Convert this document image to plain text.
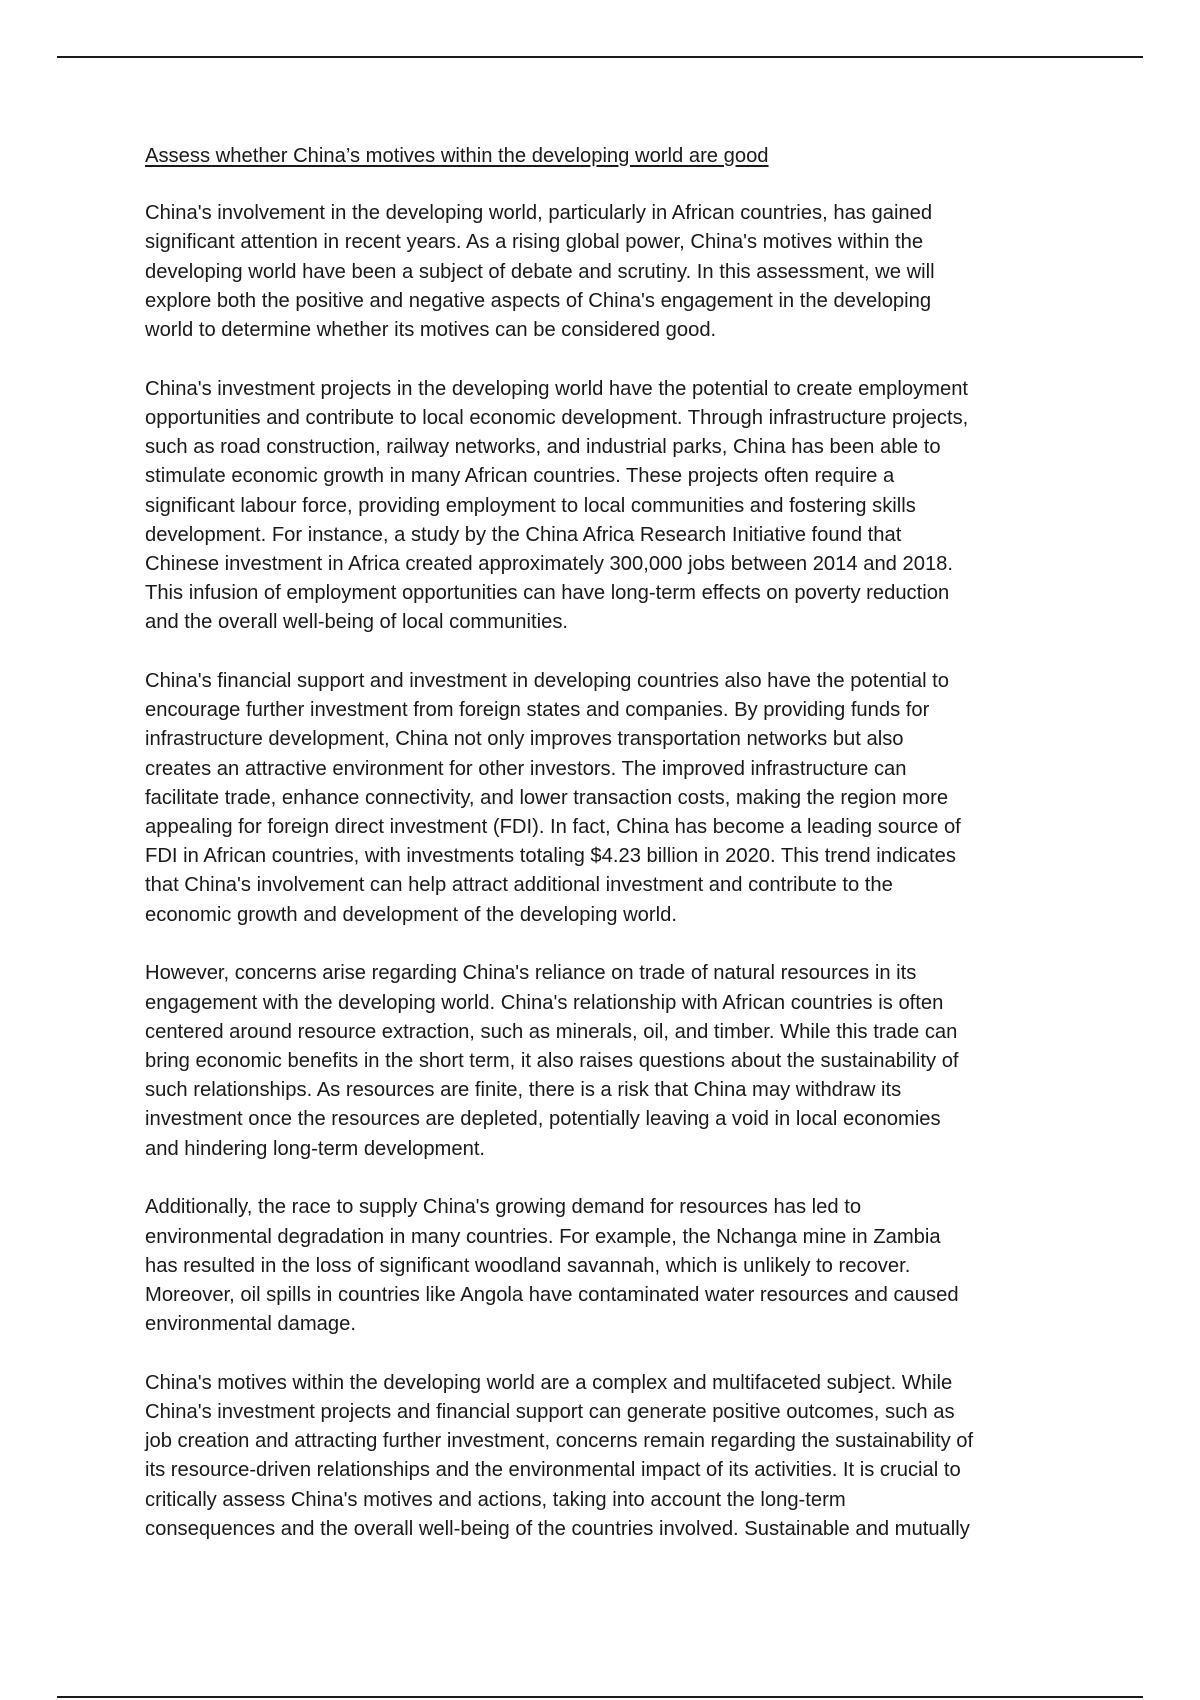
Assess whether China’s motives within the developing world are good
China's involvement in the developing world, particularly in African countries, has gained
significant attention in recent years. As a rising global power, China's motives within the
developing world have been a subject of debate and scrutiny. In this assessment, we will
explore both the positive and negative aspects of China's engagement in the developing
world to determine whether its motives can be considered good.
China's investment projects in the developing world have the potential to create employment
opportunities and contribute to local economic development. Through infrastructure projects,
such as road construction, railway networks, and industrial parks, China has been able to
stimulate economic growth in many African countries. These projects often require a
significant labour force, providing employment to local communities and fostering skills
development. For instance, a study by the China Africa Research Initiative found that
Chinese investment in Africa created approximately 300,000 jobs between 2014 and 2018.
This infusion of employment opportunities can have long-term effects on poverty reduction
and the overall well-being of local communities.
China's financial support and investment in developing countries also have the potential to
encourage further investment from foreign states and companies. By providing funds for
infrastructure development, China not only improves transportation networks but also
creates an attractive environment for other investors. The improved infrastructure can
facilitate trade, enhance connectivity, and lower transaction costs, making the region more
appealing for foreign direct investment (FDI). In fact, China has become a leading source of
FDI in African countries, with investments totaling $4.23 billion in 2020. This trend indicates
that China's involvement can help attract additional investment and contribute to the
economic growth and development of the developing world.
However, concerns arise regarding China's reliance on trade of natural resources in its
engagement with the developing world. China's relationship with African countries is often
centered around resource extraction, such as minerals, oil, and timber. While this trade can
bring economic benefits in the short term, it also raises questions about the sustainability of
such relationships. As resources are finite, there is a risk that China may withdraw its
investment once the resources are depleted, potentially leaving a void in local economies
and hindering long-term development.
Additionally, the race to supply China's growing demand for resources has led to
environmental degradation in many countries. For example, the Nchanga mine in Zambia
has resulted in the loss of significant woodland savannah, which is unlikely to recover.
Moreover, oil spills in countries like Angola have contaminated water resources and caused
environmental damage.
China's motives within the developing world are a complex and multifaceted subject. While
China's investment projects and financial support can generate positive outcomes, such as
job creation and attracting further investment, concerns remain regarding the sustainability of
its resource-driven relationships and the environmental impact of its activities. It is crucial to
critically assess China's motives and actions, taking into account the long-term
consequences and the overall well-being of the countries involved. Sustainable and mutually
